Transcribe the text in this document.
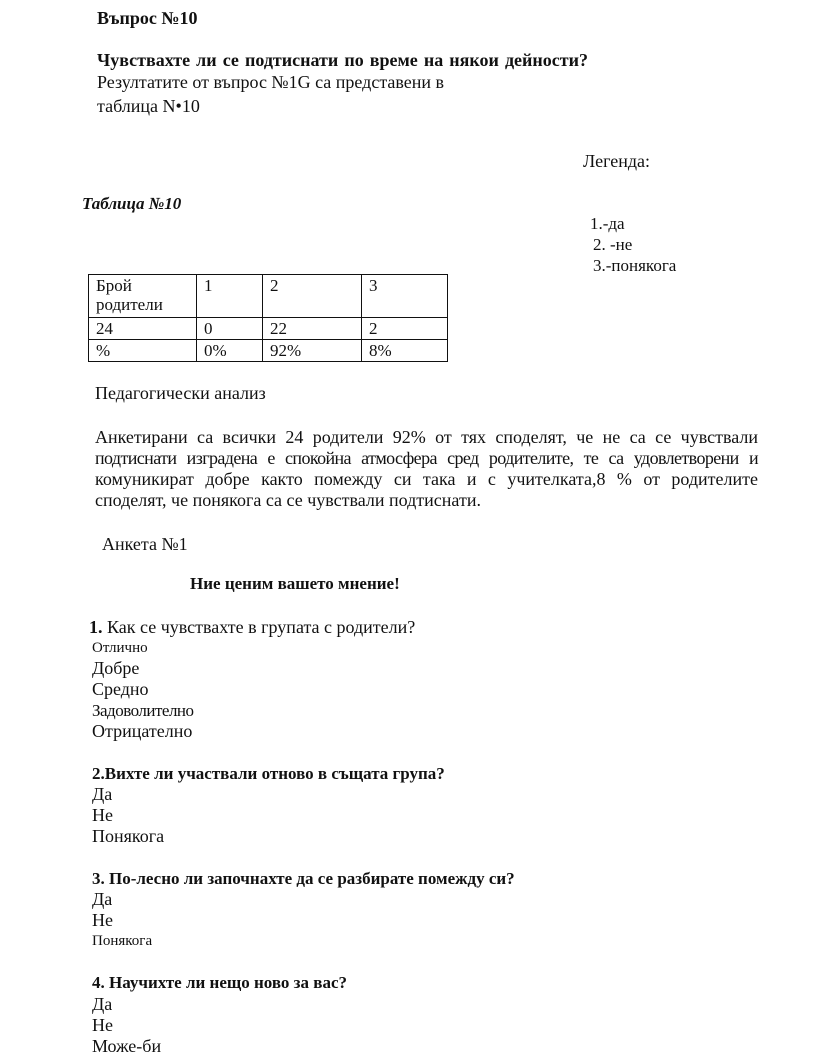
Въпрос №10
Чувствахте ли се подтиснати по време на някои дейности?
Резултатите от въпрос №1G са представени в
таблица N•10
Легенда:
1.-да
2. -не
3.-понякога
Таблица №10
Брой родители	1	2	3
24	0	22	2
%	0%	92%	8%
Педагогически анализ
Анкетирани са всички 24 родители 92% от тях споделят, че не са се чувствали
подтиснати изградена е спокойна атмосфера сред родителите, те са удовлетворени и
комуникират добре както помежду си така и с учителката,8 % от родителите
споделят, че понякога са се чувствали подтиснати.
Анкета №1
Ние ценим вашето мнение!
1. Как се чувствахте в групата с родители?
Отлично
Добре
Средно
Задоволително
Отрицателно
2.Вихте ли участвали отново в същата група?
Да
Не
Понякога
3. По-лесно ли започнахте да се разбирате помежду си?
Да
Не
Понякога
4. Научихте ли нещо ново за вас?
Да
Не
Може-би
